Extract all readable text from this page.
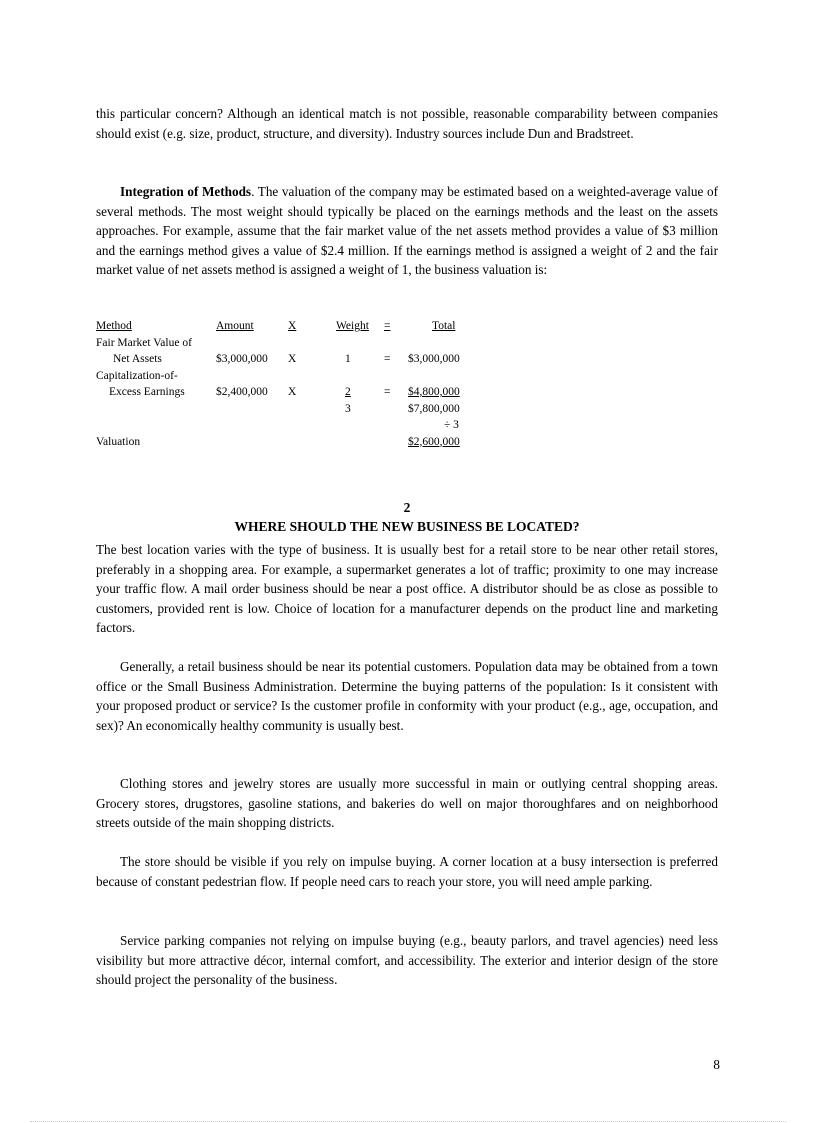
this particular concern? Although an identical match is not possible, reasonable comparability between companies should exist (e.g. size, product, structure, and diversity). Industry sources include Dun and Bradstreet.
Integration of Methods. The valuation of the company may be estimated based on a weighted-average value of several methods. The most weight should typically be placed on the earnings methods and the least on the assets approaches. For example, assume that the fair market value of the net assets method provides a value of $3 million and the earnings method gives a value of $2.4 million. If the earnings method is assigned a weight of 2 and the fair market value of net assets method is assigned a weight of 1, the business valuation is:
Method	Amount	X	Weight =	Total
Fair Market Value of
Net Assets	$3,000,000 X	1	= $3,000,000
Capitalization-of-
Excess Earnings	$2,400,000 X	2	= $4,800,000
3	$7,800,000
÷ 3
Valuation	$2,600,000
2
WHERE SHOULD THE NEW BUSINESS BE LOCATED?
The best location varies with the type of business. It is usually best for a retail store to be near other retail stores, preferably in a shopping area. For example, a supermarket generates a lot of traffic; proximity to one may increase your traffic flow. A mail order business should be near a post office. A distributor should be as close as possible to customers, provided rent is low. Choice of location for a manufacturer depends on the product line and marketing factors.
Generally, a retail business should be near its potential customers. Population data may be obtained from a town office or the Small Business Administration. Determine the buying patterns of the population: Is it consistent with your proposed product or service? Is the customer profile in conformity with your product (e.g., age, occupation, and sex)? An economically healthy community is usually best.
Clothing stores and jewelry stores are usually more successful in main or outlying central shopping areas. Grocery stores, drugstores, gasoline stations, and bakeries do well on major thoroughfares and on neighborhood streets outside of the main shopping districts.
The store should be visible if you rely on impulse buying. A corner location at a busy intersection is preferred because of constant pedestrian flow. If people need cars to reach your store, you will need ample parking.
Service parking companies not relying on impulse buying (e.g., beauty parlors, and travel agencies) need less visibility but more attractive décor, internal comfort, and accessibility. The exterior and interior design of the store should project the personality of the business.
8
